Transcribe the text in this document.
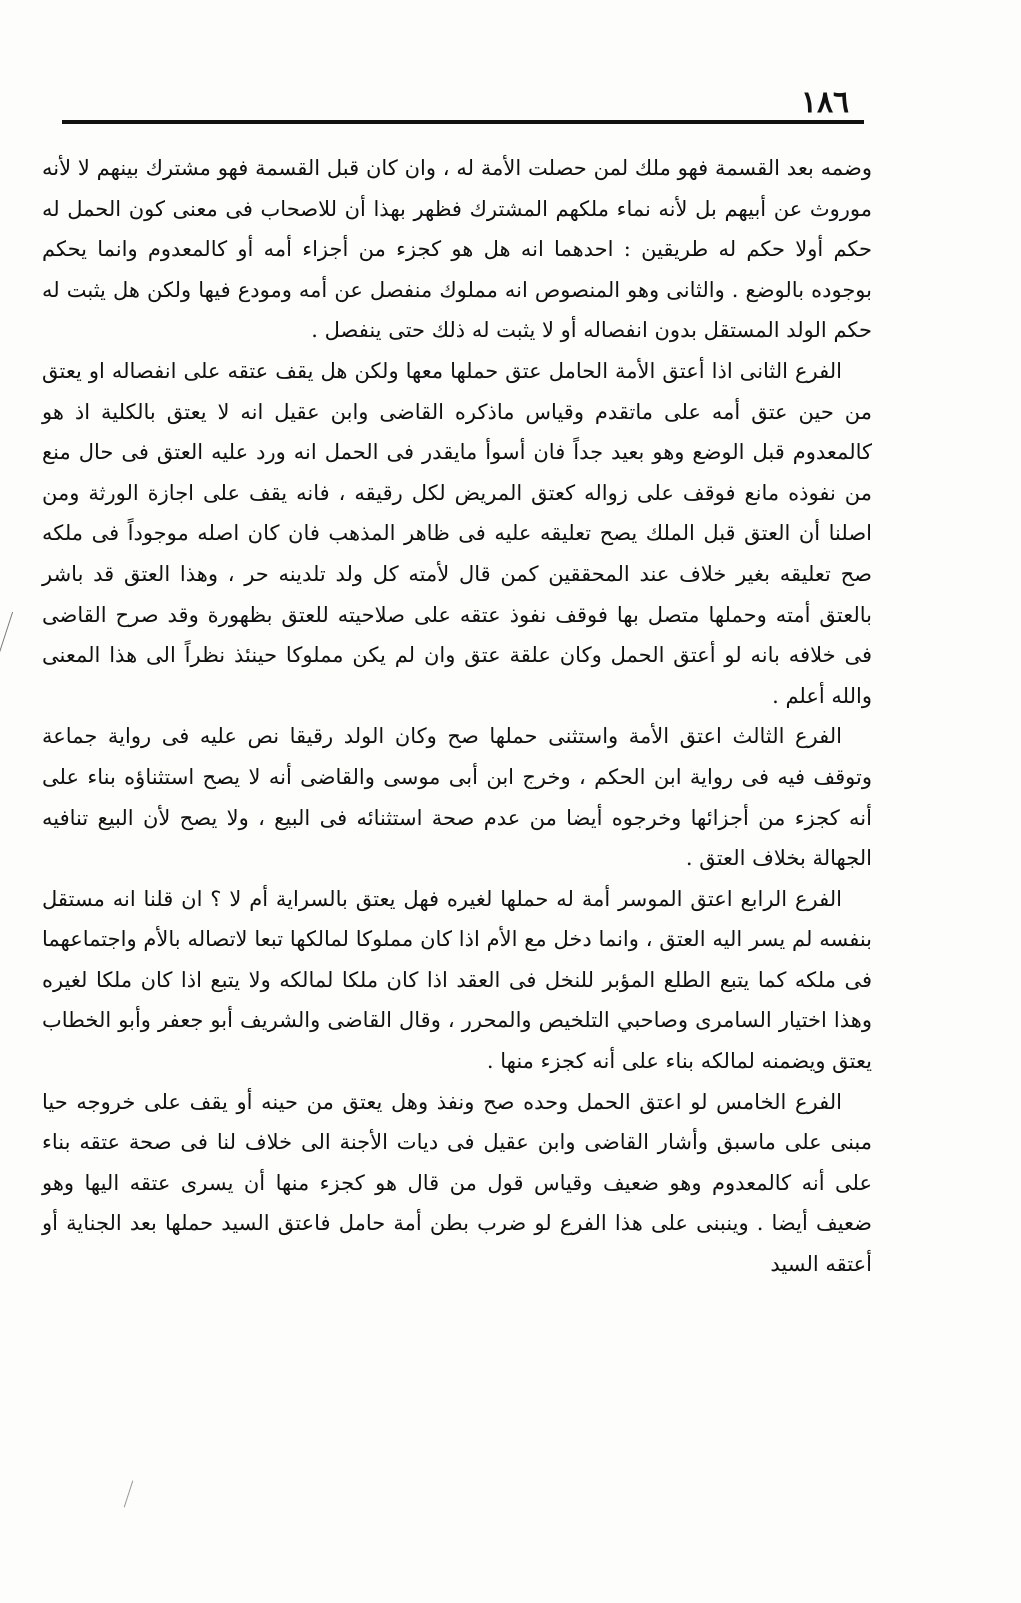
١٨٦

وضمه بعد القسمة فهو ملك لمن حصلت الأمة له ، وان كان قبل القسمة فهو مشترك بينهم لا لأنه موروث عن أبيهم بل لأنه نماء ملكهم المشترك فظهر بهذا أن للاصحاب فى معنى كون الحمل له حكم أولا حكم له طريقين : احدهما انه هل هو كجزء من أجزاء أمه أو كالمعدوم وانما يحكم بوجوده بالوضع . والثانى وهو المنصوص انه مملوك منفصل عن أمه ومودع فيها ولكن هل يثبت له حكم الولد المستقل بدون انفصاله أو لا يثبت له ذلك حتى ينفصل .

الفرع الثانى اذا أعتق الأمة الحامل عتق حملها معها ولكن هل يقف عتقه على انفصاله او يعتق من حين عتق أمه على ماتقدم وقياس ماذكره القاضى وابن عقيل انه لا يعتق بالكلية اذ هو كالمعدوم قبل الوضع وهو بعيد جداً فان أسوأ مايقدر فى الحمل انه ورد عليه العتق فى حال منع من نفوذه مانع فوقف على زواله كعتق المريض لكل رقيقه ، فانه يقف على اجازة الورثة ومن اصلنا أن العتق قبل الملك يصح تعليقه عليه فى ظاهر المذهب فان كان اصله موجوداً فى ملكه صح تعليقه بغير خلاف عند المحققين كمن قال لأمته كل ولد تلدينه حر ، وهذا العتق قد باشر بالعتق أمته وحملها متصل بها فوقف نفوذ عتقه على صلاحيته للعتق بظهورة وقد صرح القاضى فى خلافه بانه لو أعتق الحمل وكان علقة عتق وان لم يكن مملوكا حينئذ نظراً الى هذا المعنى والله أعلم .

الفرع الثالث اعتق الأمة واستثنى حملها صح وكان الولد رقيقا نص عليه فى رواية جماعة وتوقف فيه فى رواية ابن الحكم ، وخرج ابن أبى موسى والقاضى أنه لا يصح استثناؤه بناء على أنه كجزء من أجزائها وخرجوه أيضا من عدم صحة استثنائه فى البيع ، ولا يصح لأن البيع تنافيه الجهالة بخلاف العتق .

الفرع الرابع اعتق الموسر أمة له حملها لغيره فهل يعتق بالسراية أم لا ؟ ان قلنا انه مستقل بنفسه لم يسر اليه العتق ، وانما دخل مع الأم اذا كان مملوكا لمالكها تبعا لاتصاله بالأم واجتماعهما فى ملكه كما يتبع الطلع المؤبر للنخل فى العقد اذا كان ملكا لمالكه ولا يتبع اذا كان ملكا لغيره وهذا اختيار السامرى وصاحبي التلخيص والمحرر ، وقال القاضى والشريف أبو جعفر وأبو الخطاب يعتق ويضمنه لمالكه بناء على أنه كجزء منها .

الفرع الخامس لو اعتق الحمل وحده صح ونفذ وهل يعتق من حينه أو يقف على خروجه حيا مبنى على ماسبق وأشار القاضى وابن عقيل فى ديات الأجنة الى خلاف لنا فى صحة عتقه بناء على أنه كالمعدوم وهو ضعيف وقياس قول من قال هو كجزء منها أن يسرى عتقه اليها وهو ضعيف أيضا . وينبنى على هذا الفرع لو ضرب بطن أمة حامل فاعتق السيد حملها بعد الجناية أو أعتقه السيد
